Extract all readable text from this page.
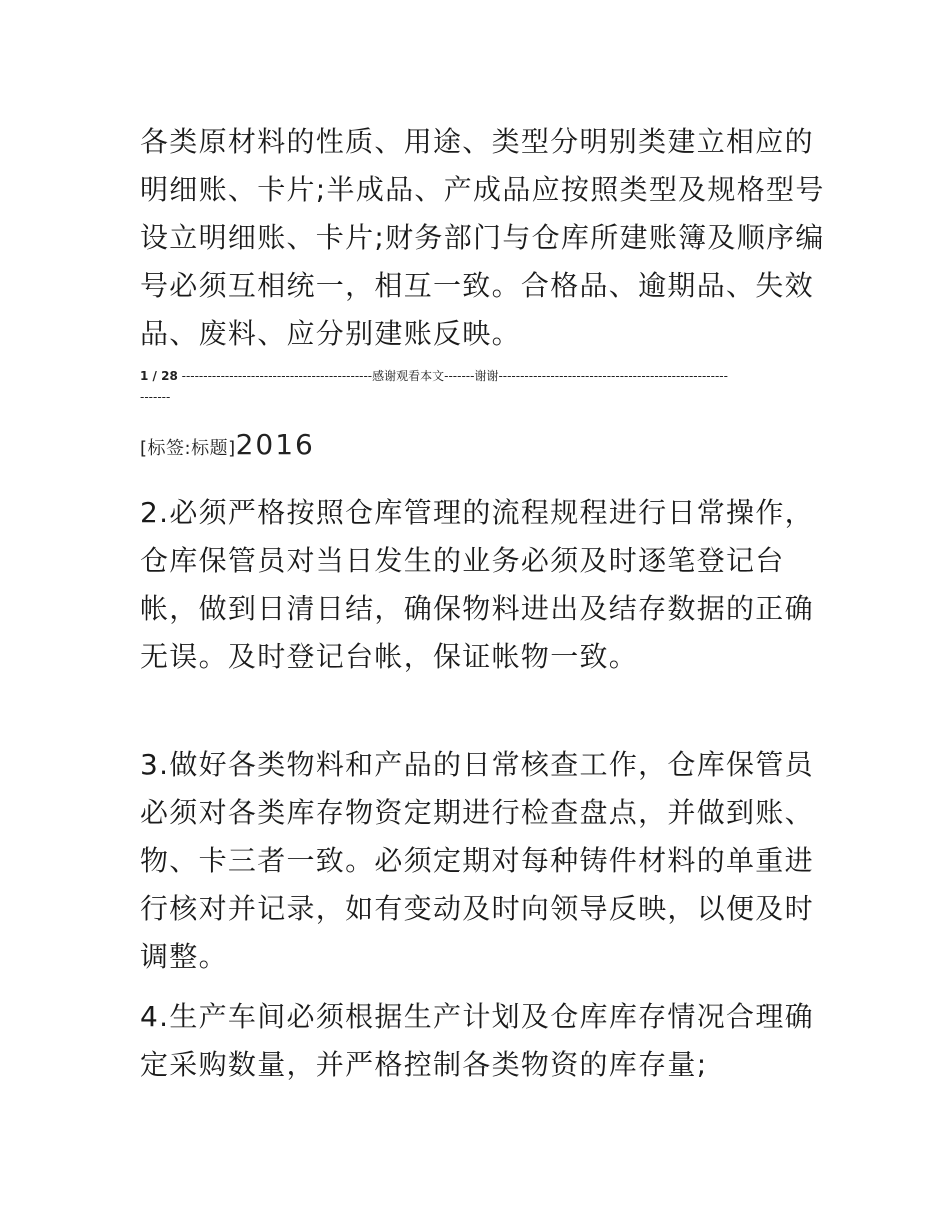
各类原材料的性质、用途、类型分明别类建立相应的明细账、卡片;半成品、产成品应按照类型及规格型号设立明细账、卡片;财务部门与仓库所建账簿及顺序编号必须互相统一，相互一致。合格品、逾期品、失效品、废料、应分别建账反映。

1 / 28 --------------------------------------------感谢观看本文-------谢谢------------------------------------------------------------
[标签:标题]2016

2.必须严格按照仓库管理的流程规程进行日常操作，仓库保管员对当日发生的业务必须及时逐笔登记台帐，做到日清日结，确保物料进出及结存数据的正确无误。及时登记台帐，保证帐物一致。

3.做好各类物料和产品的日常核查工作，仓库保管员必须对各类库存物资定期进行检查盘点，并做到账、物、卡三者一致。必须定期对每种铸件材料的单重进行核对并记录，如有变动及时向领导反映，以便及时调整。

4.生产车间必须根据生产计划及仓库库存情况合理确定采购数量，并严格控制各类物资的库存量;
